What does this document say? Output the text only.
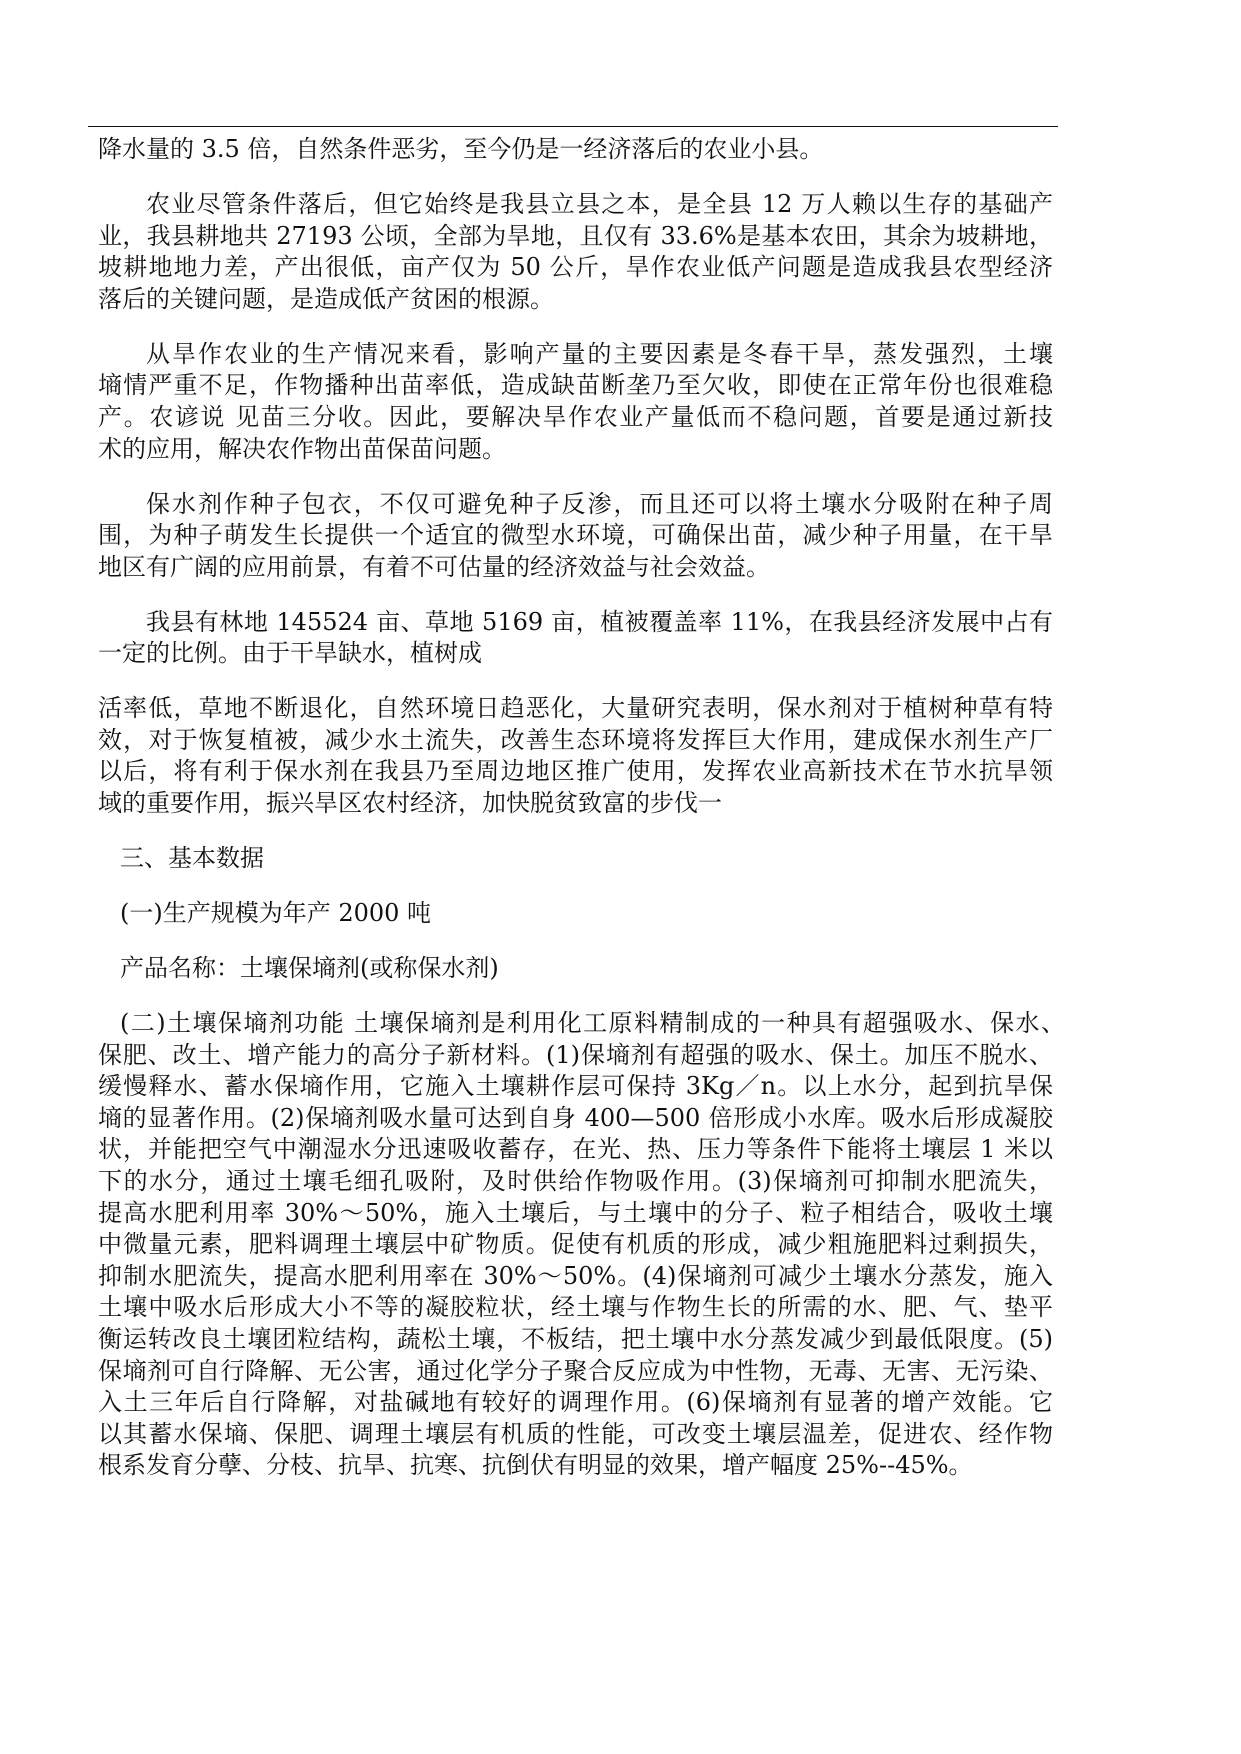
降水量的 3.5 倍，自然条件恶劣，至今仍是一经济落后的农业小县。
农业尽管条件落后，但它始终是我县立县之本，是全县 12 万人赖以生存的基础产
业，我县耕地共 27193 公顷，全部为旱地，且仅有 33.6%是基本农田，其余为坡耕地，
坡耕地地力差，产出很低，亩产仅为 50 公斤，旱作农业低产问题是造成我县农型经济
落后的关键问题，是造成低产贫困的根源。
从旱作农业的生产情况来看，影响产量的主要因素是冬春干旱，蒸发强烈，土壤
墒情严重不足，作物播种出苗率低，造成缺苗断垄乃至欠收，即使在正常年份也很难稳
产。农谚说 见苗三分收。因此，要解决旱作农业产量低而不稳问题，首要是通过新技
术的应用，解决农作物出苗保苗问题。
保水剂作种子包衣，不仅可避免种子反渗，而且还可以将土壤水分吸附在种子周
围，为种子萌发生长提供一个适宜的微型水环境，可确保出苗，减少种子用量，在干旱
地区有广阔的应用前景，有着不可估量的经济效益与社会效益。
我县有林地 145524 亩、草地 5169 亩，植被覆盖率 11%，在我县经济发展中占有
一定的比例。由于干旱缺水，植树成
活率低，草地不断退化，自然环境日趋恶化，大量研究表明，保水剂对于植树种草有特
效，对于恢复植被，减少水土流失，改善生态环境将发挥巨大作用，建成保水剂生产厂
以后，将有利于保水剂在我县乃至周边地区推广使用，发挥农业高新技术在节水抗旱领
域的重要作用，振兴旱区农村经济，加快脱贫致富的步伐一
三、基本数据
(一)生产规模为年产 2000 吨
产品名称：土壤保墒剂(或称保水剂)
(二)土壤保墒剂功能 土壤保墒剂是利用化工原料精制成的一种具有超强吸水、保水、
保肥、改土、增产能力的高分子新材料。(1)保墒剂有超强的吸水、保土。加压不脱水、
缓慢释水、蓄水保墒作用，它施入土壤耕作层可保持 3Kg／n。以上水分，起到抗旱保
墒的显著作用。(2)保墒剂吸水量可达到自身 400—500 倍形成小水库。吸水后形成凝胶
状，并能把空气中潮湿水分迅速吸收蓄存，在光、热、压力等条件下能将土壤层 1 米以
下的水分，通过土壤毛细孔吸附，及时供给作物吸作用。(3)保墒剂可抑制水肥流失，
提高水肥利用率 30%～50%，施入土壤后，与土壤中的分子、粒子相结合，吸收土壤
中微量元素，肥料调理土壤层中矿物质。促使有机质的形成，减少粗施肥料过剩损失，
抑制水肥流失，提高水肥利用率在 30%～50%。(4)保墒剂可减少土壤水分蒸发，施入
土壤中吸水后形成大小不等的凝胶粒状，经土壤与作物生长的所需的水、肥、气、垫平
衡运转改良土壤团粒结构，蔬松土壤，不板结，把土壤中水分蒸发减少到最低限度。(5)
保墒剂可自行降解、无公害，通过化学分子聚合反应成为中性物，无毒、无害、无污染、
入土三年后自行降解，对盐碱地有较好的调理作用。(6)保墒剂有显著的增产效能。它
以其蓄水保墒、保肥、调理土壤层有机质的性能，可改变土壤层温差，促进农、经作物
根系发育分孽、分枝、抗旱、抗寒、抗倒伏有明显的效果，增产幅度 25%--45%。
